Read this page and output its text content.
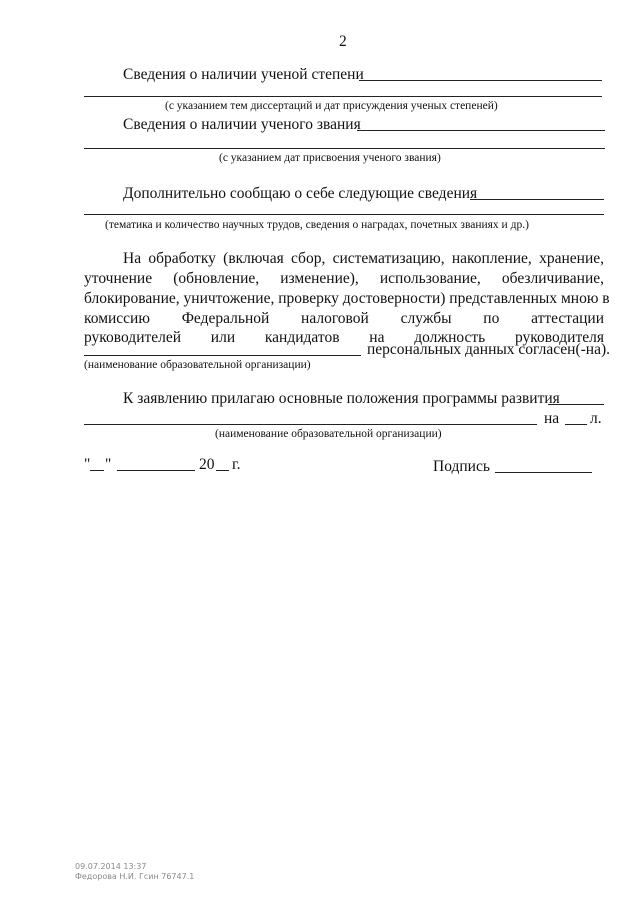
2
Сведения о наличии ученой степени
(с указанием тем диссертаций и дат присуждения ученых степеней)
Сведения о наличии ученого звания
(с указанием дат присвоения ученого звания)
Дополнительно сообщаю о себе следующие сведения
(тематика и количество научных трудов, сведения о наградах, почетных званиях и др.)
На обработку (включая сбор, систематизацию, накопление, хранение,
уточнение (обновление, изменение), использование, обезличивание,
блокирование, уничтожение, проверку достоверности) представленных мною в
комиссию Федеральной налоговой службы по аттестации
руководителей или кандидатов на должность руководителя
персональных данных согласен(-на).
(наименование образовательной организации)
К заявлению прилагаю основные положения программы развития
на л.
(наименование образовательной организации)
" "	20 г.	Подпись
09.07.2014 13:37
Федорова Н.И. Гсин 76747.1
